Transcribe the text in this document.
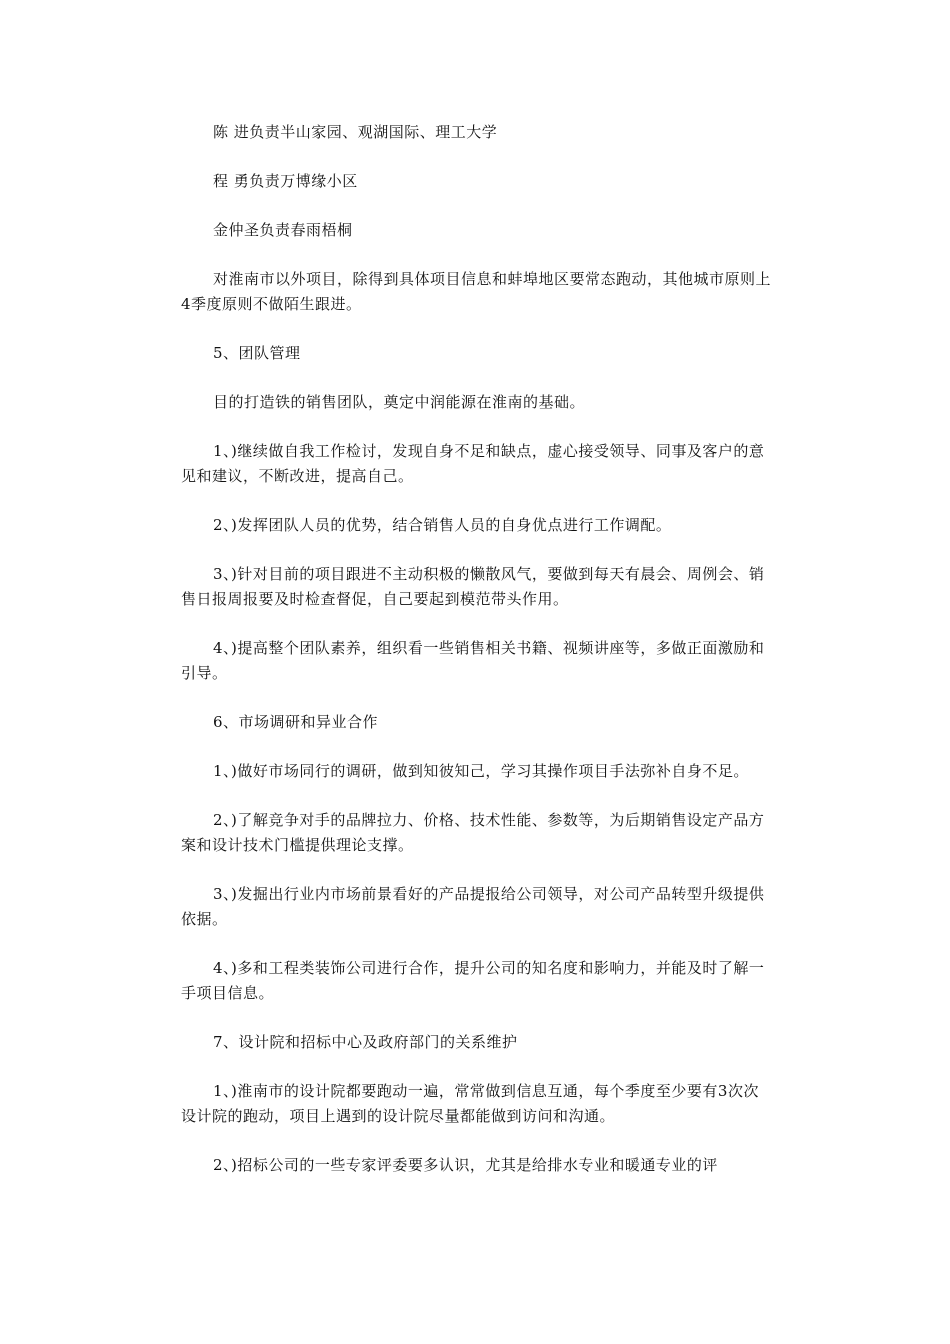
陈 进负责半山家园、观湖国际、理工大学

程 勇负责万博缘小区

金仲圣负责春雨梧桐

对淮南市以外项目，除得到具体项目信息和蚌埠地区要常态跑动，其他城市原则上4季度原则不做陌生跟进。

5、团队管理

目的打造铁的销售团队，奠定中润能源在淮南的基础。

1、)继续做自我工作检讨，发现自身不足和缺点，虚心接受领导、同事及客户的意见和建议，不断改进，提高自己。

2、)发挥团队人员的优势，结合销售人员的自身优点进行工作调配。

3、)针对目前的项目跟进不主动积极的懒散风气，要做到每天有晨会、周例会、销售日报周报要及时检查督促，自己要起到模范带头作用。

4、)提高整个团队素养，组织看一些销售相关书籍、视频讲座等，多做正面激励和引导。

6、市场调研和异业合作

1、)做好市场同行的调研，做到知彼知己，学习其操作项目手法弥补自身不足。

2、)了解竞争对手的品牌拉力、价格、技术性能、参数等，为后期销售设定产品方案和设计技术门槛提供理论支撑。

3、)发掘出行业内市场前景看好的产品提报给公司领导，对公司产品转型升级提供依据。

4、)多和工程类装饰公司进行合作，提升公司的知名度和影响力，并能及时了解一手项目信息。

7、设计院和招标中心及政府部门的关系维护

1、)淮南市的设计院都要跑动一遍，常常做到信息互通，每个季度至少要有3次次设计院的跑动，项目上遇到的设计院尽量都能做到访问和沟通。

2、)招标公司的一些专家评委要多认识，尤其是给排水专业和暖通专业的评
